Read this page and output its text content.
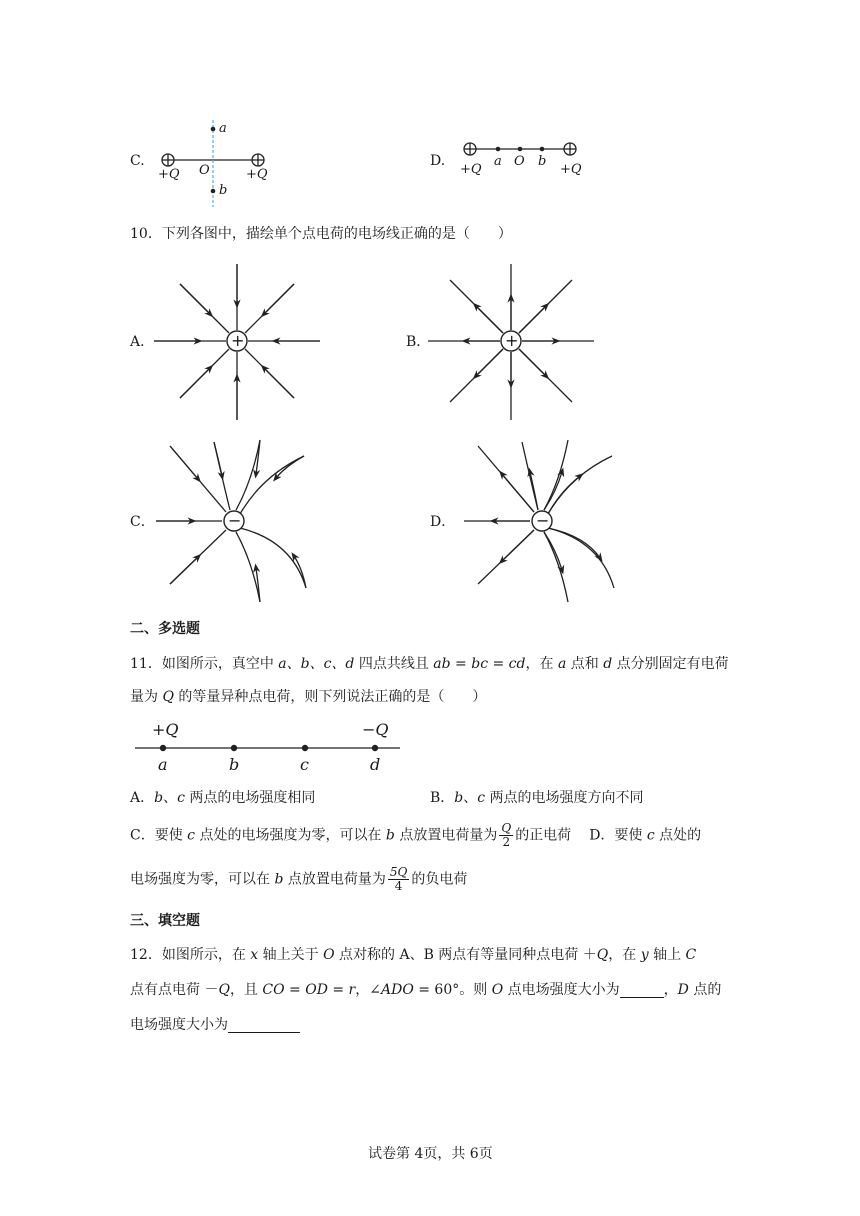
C.
a
O
b
+Q	+Q
D.	a O b
+Q	+Q
10．下列各图中，描绘单个点电荷的电场线正确的是（　　）
A．	+	B．	+
C．	−	D．	−
二、多选题
11．如图所示，真空中 a、b、c、d 四点共线且 ab = bc = cd，在 a 点和 d 点分别固定有电荷
量为 Q 的等量异种点电荷，则下列说法正确的是（　　）
+Q	−Q
a	b	c	d
A．b、c 两点的电场强度相同	B．b、c 两点的电场强度方向不同
C．要使 c 点处的电场强度为零，可以在 b 点放置电荷量为 $\frac{Q}{2}$ 的正电荷 D．要使 c 点处的
电场强度为零，可以在 b 点放置电荷量为 $\frac{5Q}{4}$ 的负电荷
三、填空题
12．如图所示，在 x 轴上关于 O 点对称的 A、B 两点有等量同种点电荷 ＋Q，在 y 轴上 C
点有点电荷 －Q，且 CO = OD = r，∠ADO = 60°。则 O 点电场强度大小为	，D 点的
电场强度大小为
试卷第 4页，共 6页
